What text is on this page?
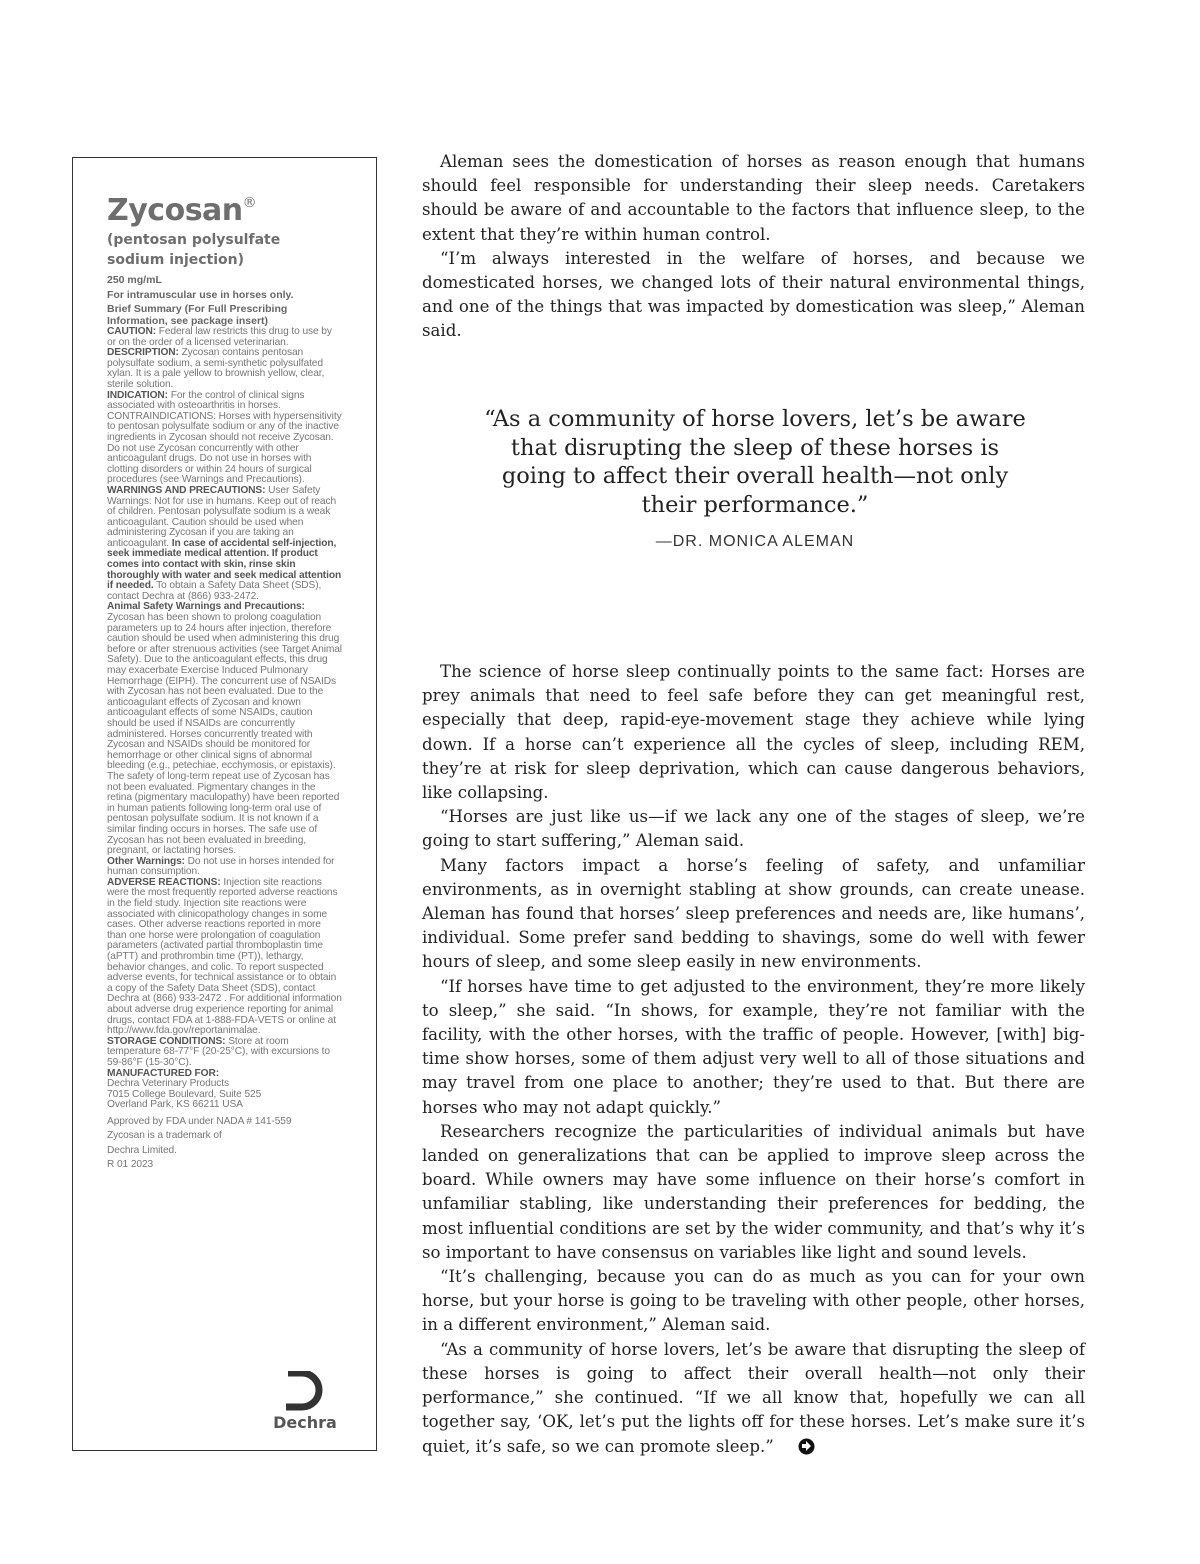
Zycosan®
(pentosan polysulfate
sodium injection)
250 mg/mL
For intramuscular use in horses only.
Brief Summary (For Full Prescribing Information, see package insert)

CAUTION: Federal law restricts this drug to use by or on the order of a licensed veterinarian.

DESCRIPTION: Zycosan contains pentosan polysulfate sodium, a semi-synthetic polysulfated xylan. It is a pale yellow to brownish yellow, clear, sterile solution.

INDICATION: For the control of clinical signs associated with osteoarthritis in horses. CONTRAINDICATIONS: Horses with hypersensitivity to pentosan polysulfate sodium or any of the inactive ingredients in Zycosan should not receive Zycosan. Do not use Zycosan concurrently with other anticoagulant drugs. Do not use in horses with clotting disorders or within 24 hours of surgical procedures (see Warnings and Precautions).

WARNINGS AND PRECAUTIONS: User Safety Warnings: Not for use in humans. Keep out of reach of children. Pentosan polysulfate sodium is a weak anticoagulant. Caution should be used when administering Zycosan if you are taking an anticoagulant. In case of accidental self-injection, seek immediate medical attention. If product comes into contact with skin, rinse skin thoroughly with water and seek medical attention if needed. To obtain a Safety Data Sheet (SDS), contact Dechra at (866) 933-2472.

Animal Safety Warnings and Precautions: Zycosan has been shown to prolong coagulation parameters up to 24 hours after injection, therefore caution should be used when administering this drug before or after strenuous activities (see Target Animal Safety). Due to the anticoagulant effects, this drug may exacerbate Exercise Induced Pulmonary Hemorrhage (EIPH). The concurrent use of NSAIDs with Zycosan has not been evaluated. Due to the anticoagulant effects of Zycosan and known anticoagulant effects of some NSAIDs, caution should be used if NSAIDs are concurrently administered. Horses concurrently treated with Zycosan and NSAIDs should be monitored for hemorrhage or other clinical signs of abnormal bleeding (e.g., petechiae, ecchymosis, or epistaxis). The safety of long-term repeat use of Zycosan has not been evaluated. Pigmentary changes in the retina (pigmentary maculopathy) have been reported in human patients following long-term oral use of pentosan polysulfate sodium. It is not known if a similar finding occurs in horses. The safe use of Zycosan has not been evaluated in breeding, pregnant, or lactating horses.

Other Warnings: Do not use in horses intended for human consumption.

ADVERSE REACTIONS: Injection site reactions were the most frequently reported adverse reactions in the field study. Injection site reactions were associated with clinicopathology changes in some cases. Other adverse reactions reported in more than one horse were prolongation of coagulation parameters (activated partial thromboplastin time (aPTT) and prothrombin time (PT)), lethargy, behavior changes, and colic. To report suspected adverse events, for technical assistance or to obtain a copy of the Safety Data Sheet (SDS), contact Dechra at (866) 933-2472 . For additional information about adverse drug experience reporting for animal drugs, contact FDA at 1-888-FDA-VETS or online at http://www.fda.gov/reportanimalae.

STORAGE CONDITIONS: Store at room temperature 68-77°F (20-25°C), with excursions to 59-86°F (15-30°C).

MANUFACTURED FOR:

Dechra Veterinary Products

7015 College Boulevard, Suite 525

Overland Park, KS 66211 USA

Approved by FDA under NADA # 141-559
Zycosan is a trademark of
Dechra Limited.
R 01 2023
Dechra

Aleman sees the domestication of horses as reason enough that humans should feel responsible for understanding their sleep needs. Caretakers should be aware of and accountable to the factors that influence sleep, to the extent that they’re within human control.

“I’m always interested in the welfare of horses, and because we domesticated horses, we changed lots of their natural environmental things, and one of the things that was impacted by domestication was sleep,” Aleman said.

The science of horse sleep continually points to the same fact: Horses are prey animals that need to feel safe before they can get meaningful rest, especially that deep, rapid-eye-movement stage they achieve while lying down. If a horse can’t experience all the cycles of sleep, including REM, they’re at risk for sleep deprivation, which can cause dangerous behaviors, like collapsing.

“Horses are just like us—if we lack any one of the stages of sleep, we’re going to start suffering,” Aleman said.

Many factors impact a horse’s feeling of safety, and unfamiliar environments, as in overnight stabling at show grounds, can create unease. Aleman has found that horses’ sleep preferences and needs are, like humans’, individual. Some prefer sand bedding to shavings, some do well with fewer hours of sleep, and some sleep easily in new environments.

“If horses have time to get adjusted to the environment, they’re more likely to sleep,” she said. “In shows, for example, they’re not familiar with the facility, with the other horses, with the traffic of people. However, [with] big-time show horses, some of them adjust very well to all of those situations and may travel from one place to another; they’re used to that. But there are horses who may not adapt quickly.”

Researchers recognize the particularities of individual animals but have landed on generalizations that can be applied to improve sleep across the board. While owners may have some influence on their horse’s comfort in unfamiliar stabling, like understanding their preferences for bedding, the most influential conditions are set by the wider community, and that’s why it’s so important to have consensus on variables like light and sound levels.

“It’s challenging, because you can do as much as you can for your own horse, but your horse is going to be traveling with other people, other horses, in a different environment,” Aleman said.

“As a community of horse lovers, let’s be aware that disrupting the sleep of these horses is going to affect their overall health—not only their performance,” she continued. “If we all know that, hopefully we can all together say, ‘OK, let’s put the lights off for these horses. Let’s make sure it’s quiet, it’s safe, so we can promote sleep.”

“As a community of horse lovers, let’s be aware that disrupting the sleep of these horses is going to affect their overall health—not only their performance.”

—DR. MONICA ALEMAN
